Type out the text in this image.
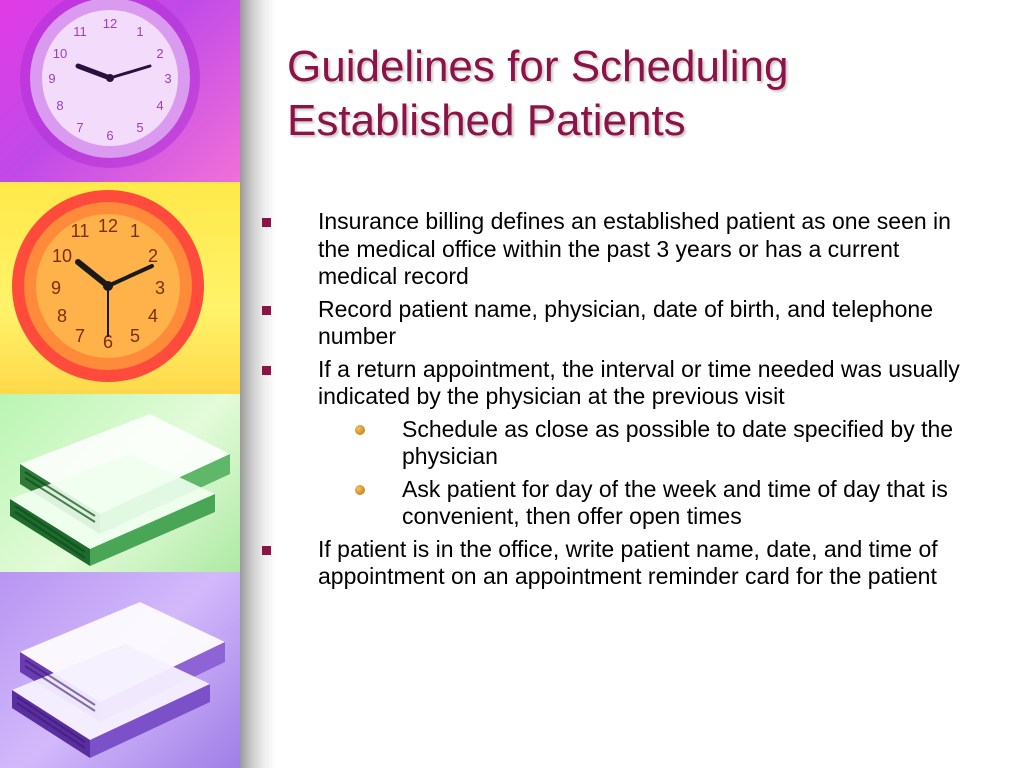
12
1
2
3
4
5
6
7
8
9
10
11
12 1
2
3
4
5
6
7
8
9
10
11
Guidelines for Scheduling
Established Patients
Insurance billing defines an established patient as one seen in the medical office within the past 3 years or has a current medical record
Record patient name, physician, date of birth, and telephone number
If a return appointment, the interval or time needed was usually indicated by the physician at the previous visit
Schedule as close as possible to date specified by the physician
Ask patient for day of the week and time of day that is convenient, then offer open times
If patient is in the office, write patient name, date, and time of appointment on an appointment reminder card for the patient
